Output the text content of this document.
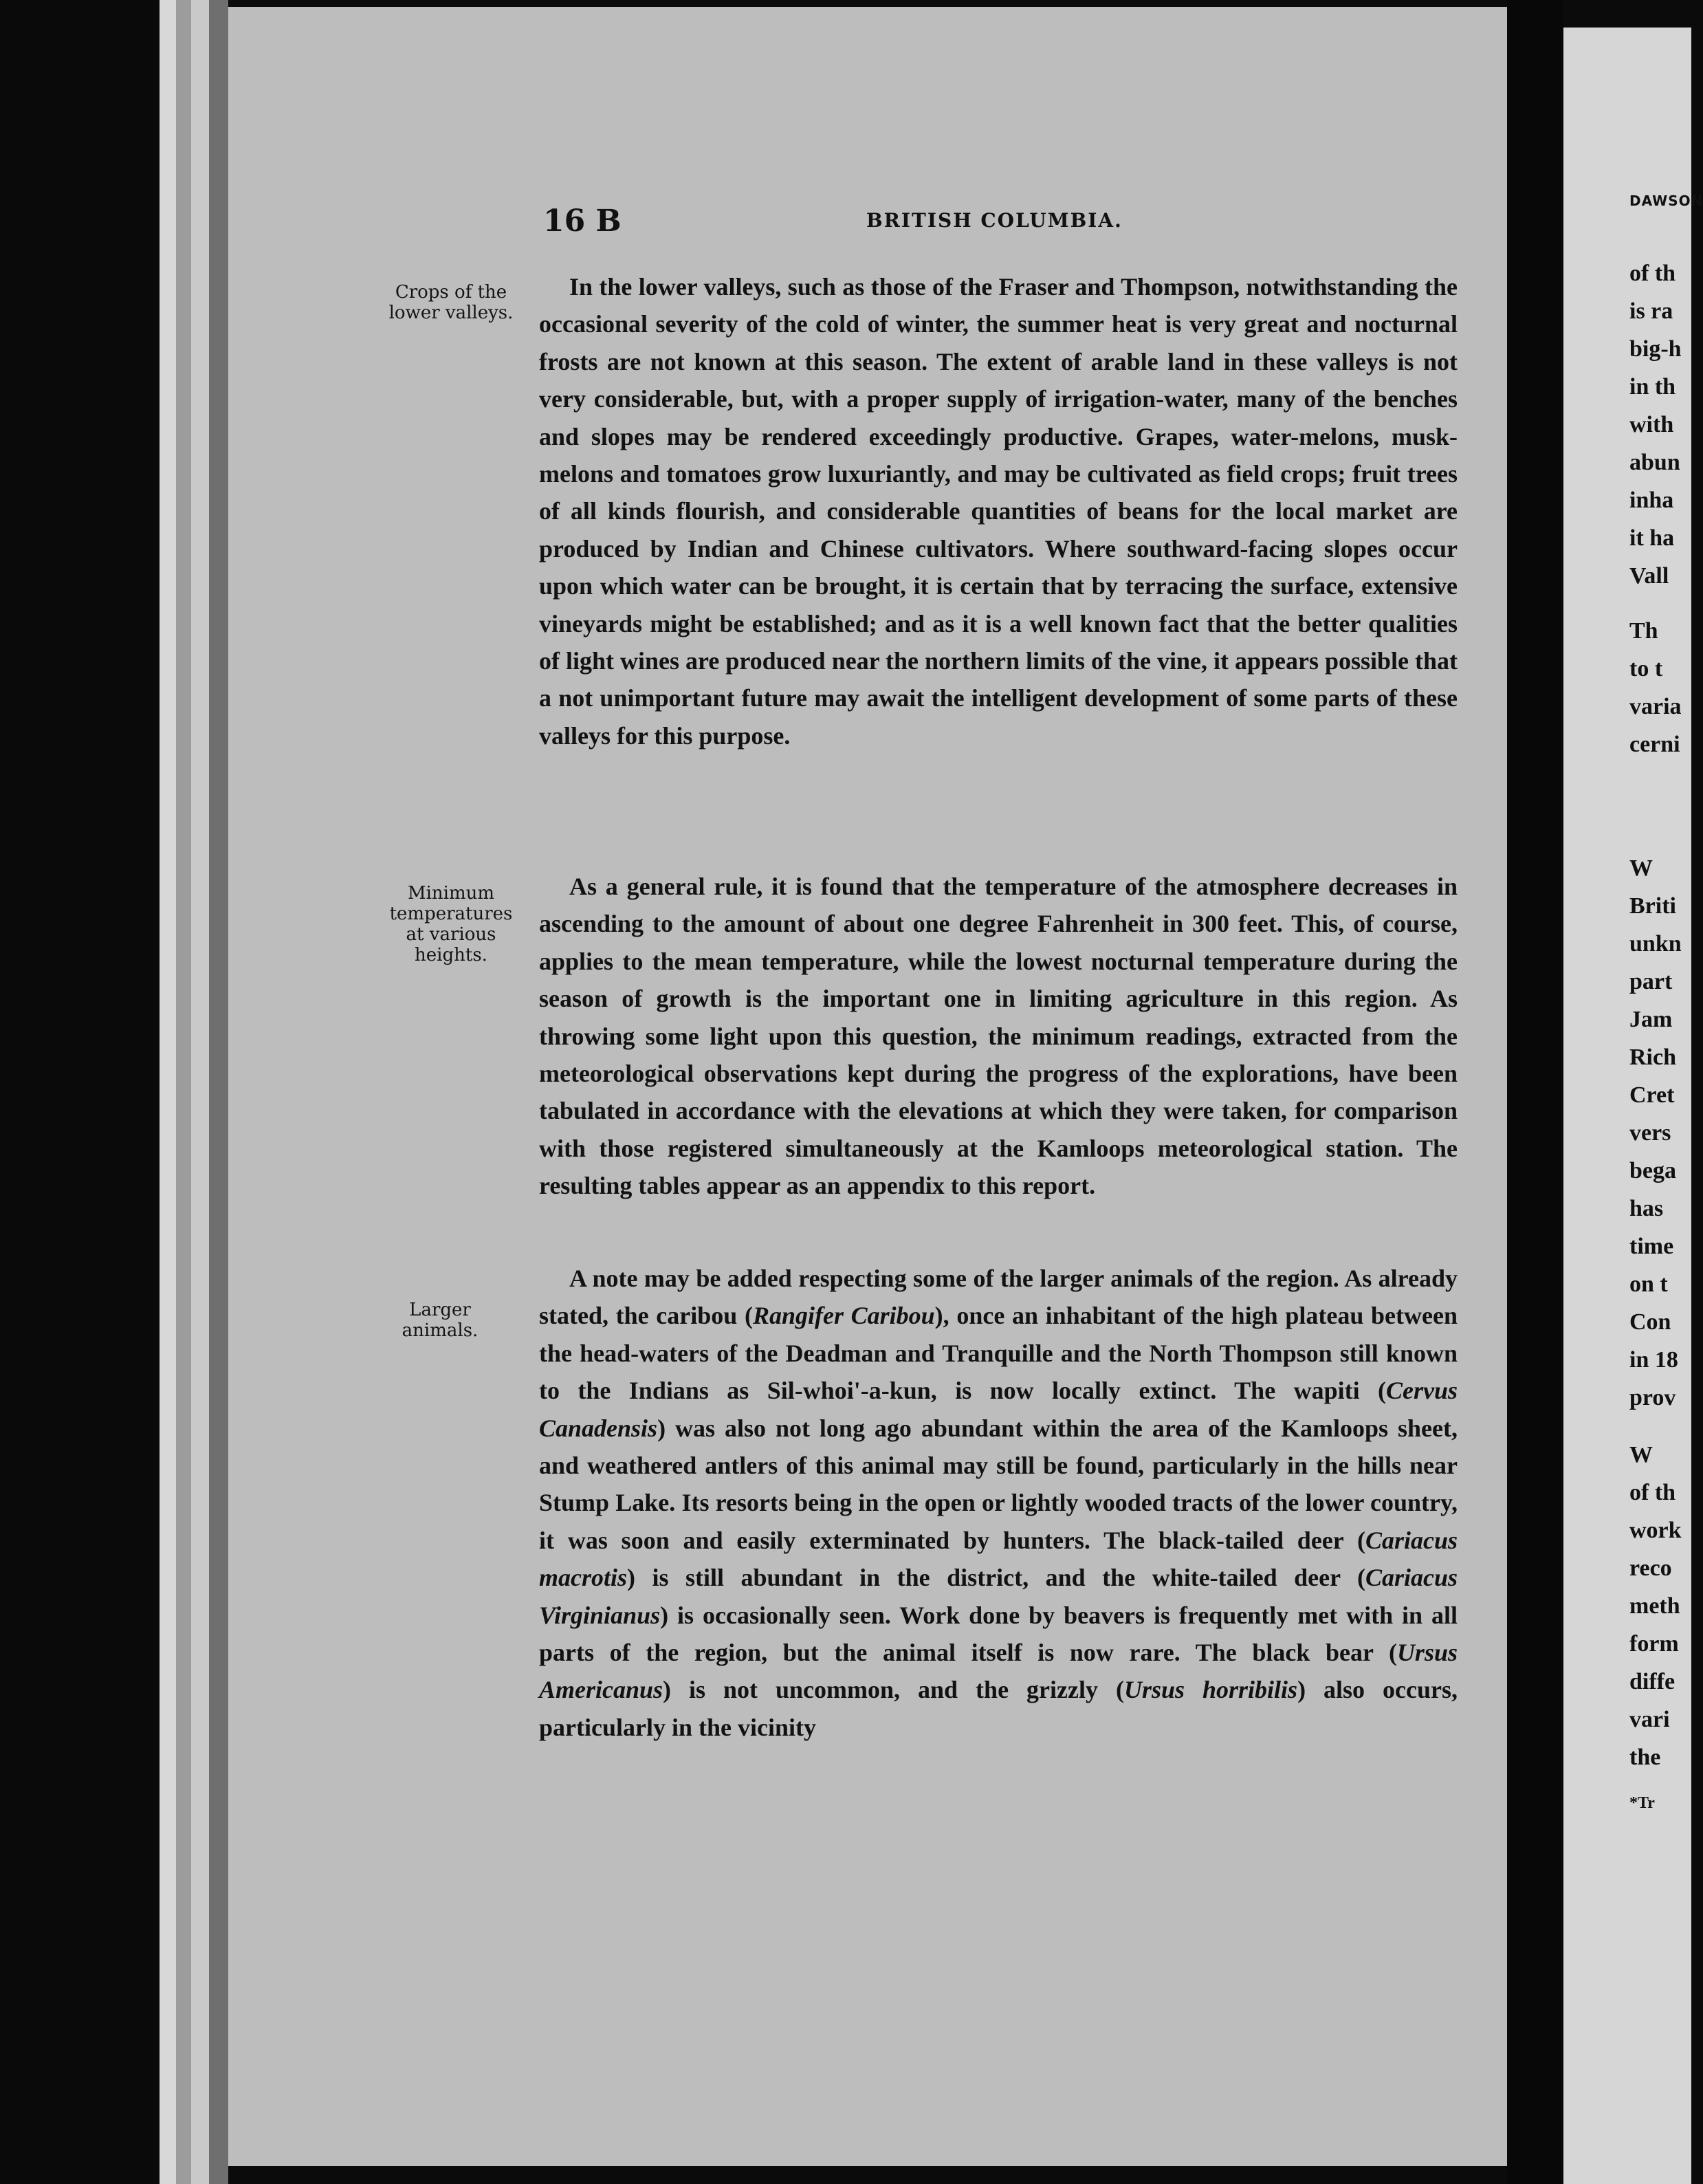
16 B	BRITISH COLUMBIA.
Crops of the lower valleys.
Minimum temperatures at various heights.
Larger animals.

In the lower valleys, such as those of the Fraser and Thompson, notwithstanding the occasional severity of the cold of winter, the summer heat is very great and nocturnal frosts are not known at this season. The extent of arable land in these valleys is not very considerable, but, with a proper supply of irrigation-water, many of the benches and slopes may be rendered exceedingly productive. Grapes, water-melons, musk-melons and tomatoes grow luxuriantly, and may be cultivated as field crops; fruit trees of all kinds flourish, and considerable quantities of beans for the local market are produced by Indian and Chinese cultivators. Where southward-facing slopes occur upon which water can be brought, it is certain that by terracing the surface, extensive vineyards might be established; and as it is a well known fact that the better qualities of light wines are produced near the northern limits of the vine, it appears possible that a not unimportant future may await the intelligent development of some parts of these valleys for this purpose.

As a general rule, it is found that the temperature of the atmosphere decreases in ascending to the amount of about one degree Fahrenheit in 300 feet. This, of course, applies to the mean temperature, while the lowest nocturnal temperature during the season of growth is the important one in limiting agriculture in this region. As throwing some light upon this question, the minimum readings, extracted from the meteorological observations kept during the progress of the explorations, have been tabulated in accordance with the elevations at which they were taken, for comparison with those registered simultaneously at the Kamloops meteorological station. The resulting tables appear as an appendix to this report.

A note may be added respecting some of the larger animals of the region. As already stated, the caribou (Rangifer Caribou), once an inhabitant of the high plateau between the head-waters of the Deadman and Tranquille and the North Thompson still known to the Indians as Sil-whoi'-a-kun, is now locally extinct. The wapiti (Cervus Canadensis) was also not long ago abundant within the area of the Kamloops sheet, and weathered antlers of this animal may still be found, particularly in the hills near Stump Lake. Its resorts being in the open or lightly wooded tracts of the lower country, it was soon and easily exterminated by hunters. The black-tailed deer (Cariacus macrotis) is still abundant in the district, and the white-tailed deer (Cariacus Virginianus) is occasionally seen. Work done by beavers is frequently met with in all parts of the region, but the animal itself is now rare. The black bear (Ursus Americanus) is not uncommon, and the grizzly (Ursus horribilis) also occurs, particularly in the vicinity

DAWSON
of th
is ra
big-h
in th
with
abun
inha
it ha
Vall
Th
to t
varia
cerni
W
Briti
unkn
part
Jam
Rich
Cret
vers
bega
has
time
on t
Con
in 18
prov
W
of th
work
reco
meth
form
diffe
vari
the
*Tr
